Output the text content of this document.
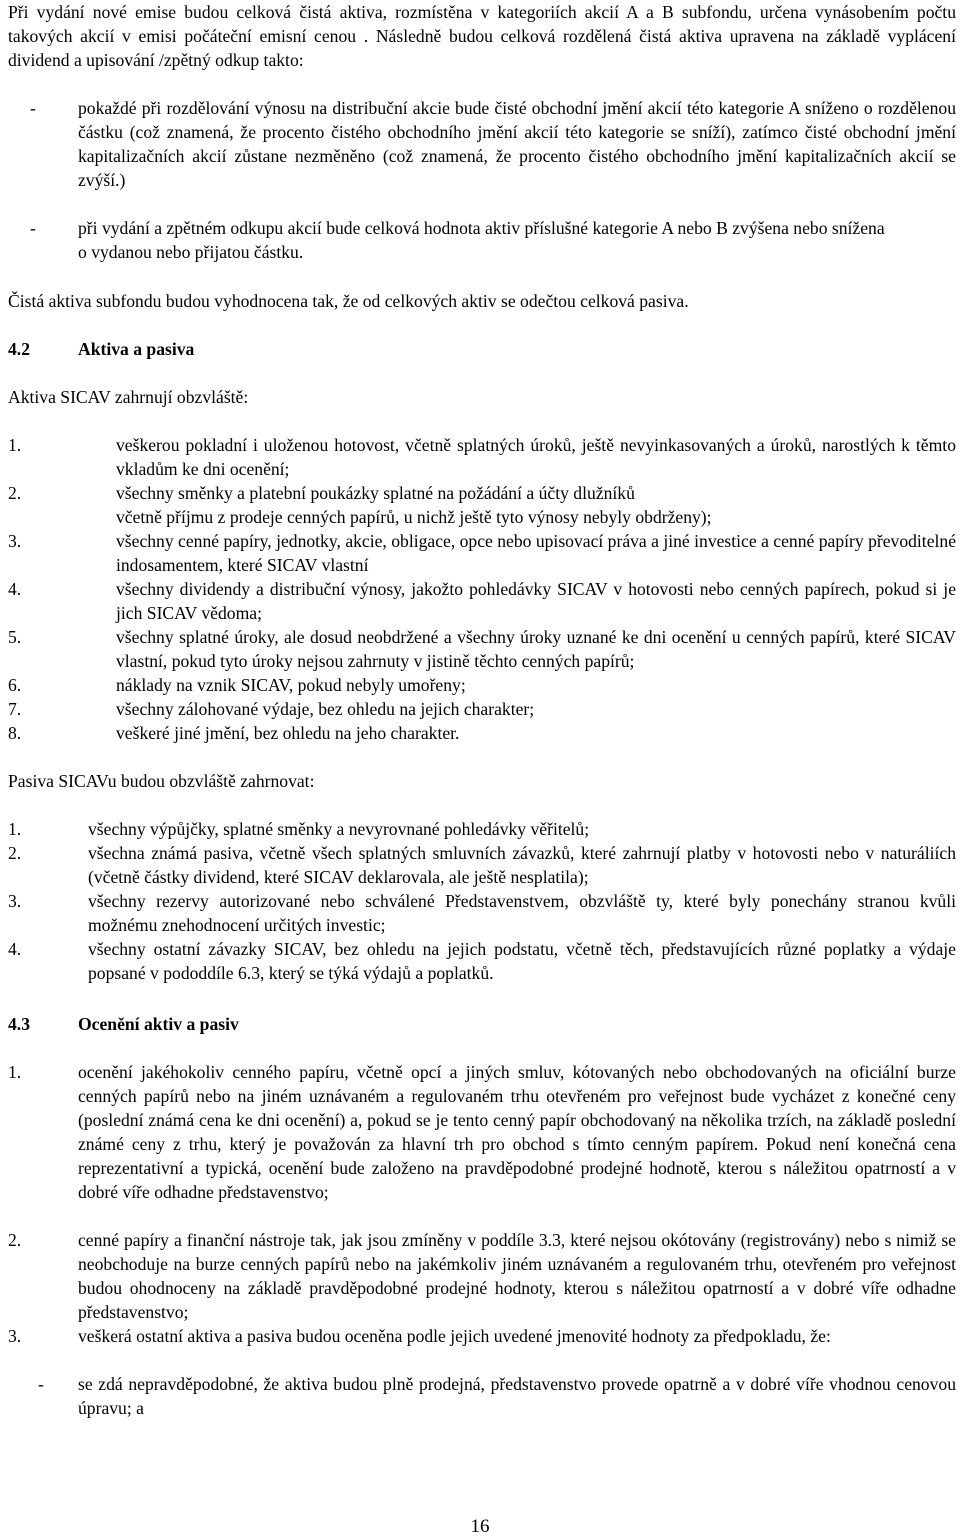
Při vydání nové emise budou celková čistá aktiva, rozmístěna v kategoriích akcií A a B subfondu, určena vynásobením počtu takových akcií v emisi počáteční emisní cenou . Následně budou celková rozdělená čistá aktiva upravena na základě vyplácení dividend a upisování /zpětný odkup takto:

- pokaždé při rozdělování výnosu na distribuční akcie bude čisté obchodní jmění akcií této kategorie A sníženo o rozdělenou částku (což znamená, že procento čistého obchodního jmění akcií této kategorie se sníží), zatímco čisté obchodní jmění kapitalizačních akcií zůstane nezměněno (což znamená, že procento čistého obchodního jmění kapitalizačních akcií se zvýší.)

- při vydání a zpětném odkupu akcií bude celková hodnota aktiv příslušné kategorie A nebo B zvýšena nebo snížena o vydanou nebo přijatou částku.

Čistá aktiva subfondu budou vyhodnocena tak, že od celkových aktiv se odečtou celková pasiva.

4.2	Aktiva a pasiva

Aktiva SICAV zahrnují obzvláště:

1.	veškerou pokladní i uloženou hotovost, včetně splatných úroků, ještě nevyinkasovaných a úroků, narostlých k těmto vkladům ke dni ocenění;

2.	všechny směnky a platební poukázky splatné na požádání a účty dlužníků
včetně příjmu z prodeje cenných papírů, u nichž ještě tyto výnosy nebyly obdrženy);

3.	všechny cenné papíry, jednotky, akcie, obligace, opce nebo upisovací práva a jiné investice a cenné papíry převoditelné indosamentem, které SICAV vlastní

4.	všechny dividendy a distribuční výnosy, jakožto pohledávky SICAV v hotovosti nebo cenných papírech, pokud si je jich SICAV vědoma;

5.	všechny splatné úroky, ale dosud neobdržené a všechny úroky uznané ke dni ocenění u cenných papírů, které SICAV vlastní, pokud tyto úroky nejsou zahrnuty v jistině těchto cenných papírů;

6.	náklady na vznik SICAV, pokud nebyly umořeny;

7.	všechny zálohované výdaje, bez ohledu na jejich charakter;

8.	veškeré jiné jmění, bez ohledu na jeho charakter.

Pasiva SICAVu budou obzvláště zahrnovat:

1.	všechny výpůjčky, splatné směnky a nevyrovnané pohledávky věřitelů;

2.	všechna známá pasiva, včetně všech splatných smluvních závazků, které zahrnují platby v hotovosti nebo v naturáliích (včetně částky dividend, které SICAV deklarovala, ale ještě nesplatila);

3.	všechny rezervy autorizované nebo schválené Představenstvem, obzvláště ty, které byly ponechány stranou kvůli možnému znehodnocení určitých investic;

4.	všechny ostatní závazky SICAV, bez ohledu na jejich podstatu, včetně těch, představujících různé poplatky a výdaje popsané v pododdíle 6.3, který se týká výdajů a poplatků.

4.3	Ocenění aktiv a pasiv
1.	ocenění jakéhokoliv cenného papíru, včetně opcí a jiných smluv, kótovaných nebo obchodovaných na oficiální burze cenných papírů nebo na jiném uznávaném a regulovaném trhu otevřeném pro veřejnost bude vycházet z konečné ceny (poslední známá cena ke dni ocenění) a, pokud se je tento cenný papír obchodovaný na několika trzích, na základě poslední známé ceny z trhu, který je považován za hlavní trh pro obchod s tímto cenným papírem. Pokud není konečná cena reprezentativní a typická, ocenění bude založeno na pravděpodobné prodejné hodnotě, kterou s náležitou opatrností a v dobré víře odhadne představenstvo;

2.	cenné papíry a finanční nástroje tak, jak jsou zmíněny v poddíle 3.3, které nejsou okótovány (registrovány) nebo s nimiž se neobchoduje na burze cenných papírů nebo na jakémkoliv jiném uznávaném a regulovaném trhu, otevřeném pro veřejnost budou ohodnoceny na základě pravděpodobné prodejné hodnoty, kterou s náležitou opatrností a v dobré víře odhadne představenstvo;

3.	veškerá ostatní aktiva a pasiva budou oceněna podle jejich uvedené jmenovité hodnoty za předpokladu, že:

- se zdá nepravděpodobné, že aktiva budou plně prodejná, představenstvo provede opatrně a v dobré víře vhodnou cenovou úpravu; a

16
